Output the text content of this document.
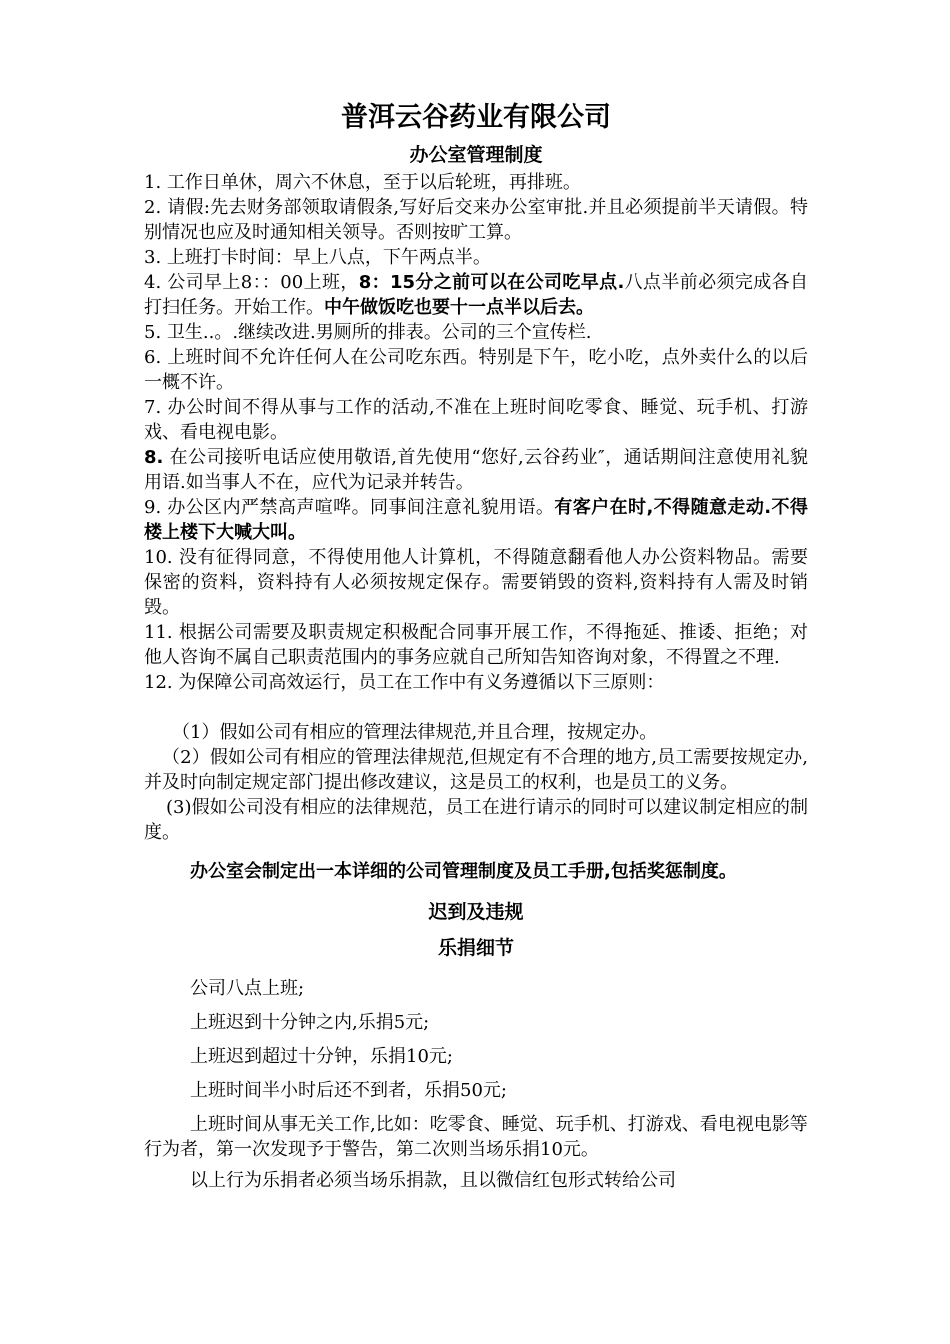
普洱云谷药业有限公司
办公室管理制度

1. 工作日单休，周六不休息，至于以后轮班，再排班。

2. 请假:先去财务部领取请假条,写好后交来办公室审批.并且必须提前半天请假。特别情况也应及时通知相关领导。否则按旷工算。

3. 上班打卡时间：早上八点，下午两点半。

4. 公司早上8：：00上班，8：15分之前可以在公司吃早点.八点半前必须完成各自打扫任务。开始工作。中午做饭吃也要十一点半以后去。

5. 卫生..。.继续改进.男厕所的排表。公司的三个宣传栏.

6. 上班时间不允许任何人在公司吃东西。特别是下午，吃小吃，点外卖什么的以后一概不许。

7. 办公时间不得从事与工作的活动,不准在上班时间吃零食、睡觉、玩手机、打游戏、看电视电影。

8. 在公司接听电话应使用敬语,首先使用“您好,云谷药业″，通话期间注意使用礼貌用语.如当事人不在，应代为记录并转告。

9. 办公区内严禁高声喧哗。同事间注意礼貌用语。有客户在时,不得随意走动.不得楼上楼下大喊大叫。

10. 没有征得同意，不得使用他人计算机，不得随意翻看他人办公资料物品。需要保密的资料，资料持有人必须按规定保存。需要销毁的资料,资料持有人需及时销毁。

11. 根据公司需要及职责规定积极配合同事开展工作，不得拖延、推诿、拒绝；对他人咨询不属自己职责范围内的事务应就自己所知告知咨询对象，不得置之不理.

12. 为保障公司高效运行，员工在工作中有义务遵循以下三原则：

（1）假如公司有相应的管理法律规范,并且合理，按规定办。

（2）假如公司有相应的管理法律规范,但规定有不合理的地方,员工需要按规定办,并及时向制定规定部门提出修改建议，这是员工的权利，也是员工的义务。

(3)假如公司没有相应的法律规范，员工在进行请示的同时可以建议制定相应的制度。

办公室会制定出一本详细的公司管理制度及员工手册,包括奖惩制度。

迟到及违规
乐捐细节

公司八点上班;

上班迟到十分钟之内,乐捐5元;

上班迟到超过十分钟，乐捐10元;

上班时间半小时后还不到者，乐捐50元;

上班时间从事无关工作,比如：吃零食、睡觉、玩手机、打游戏、看电视电影等行为者，第一次发现予于警告，第二次则当场乐捐10元。

以上行为乐捐者必须当场乐捐款，且以微信红包形式转给公司
